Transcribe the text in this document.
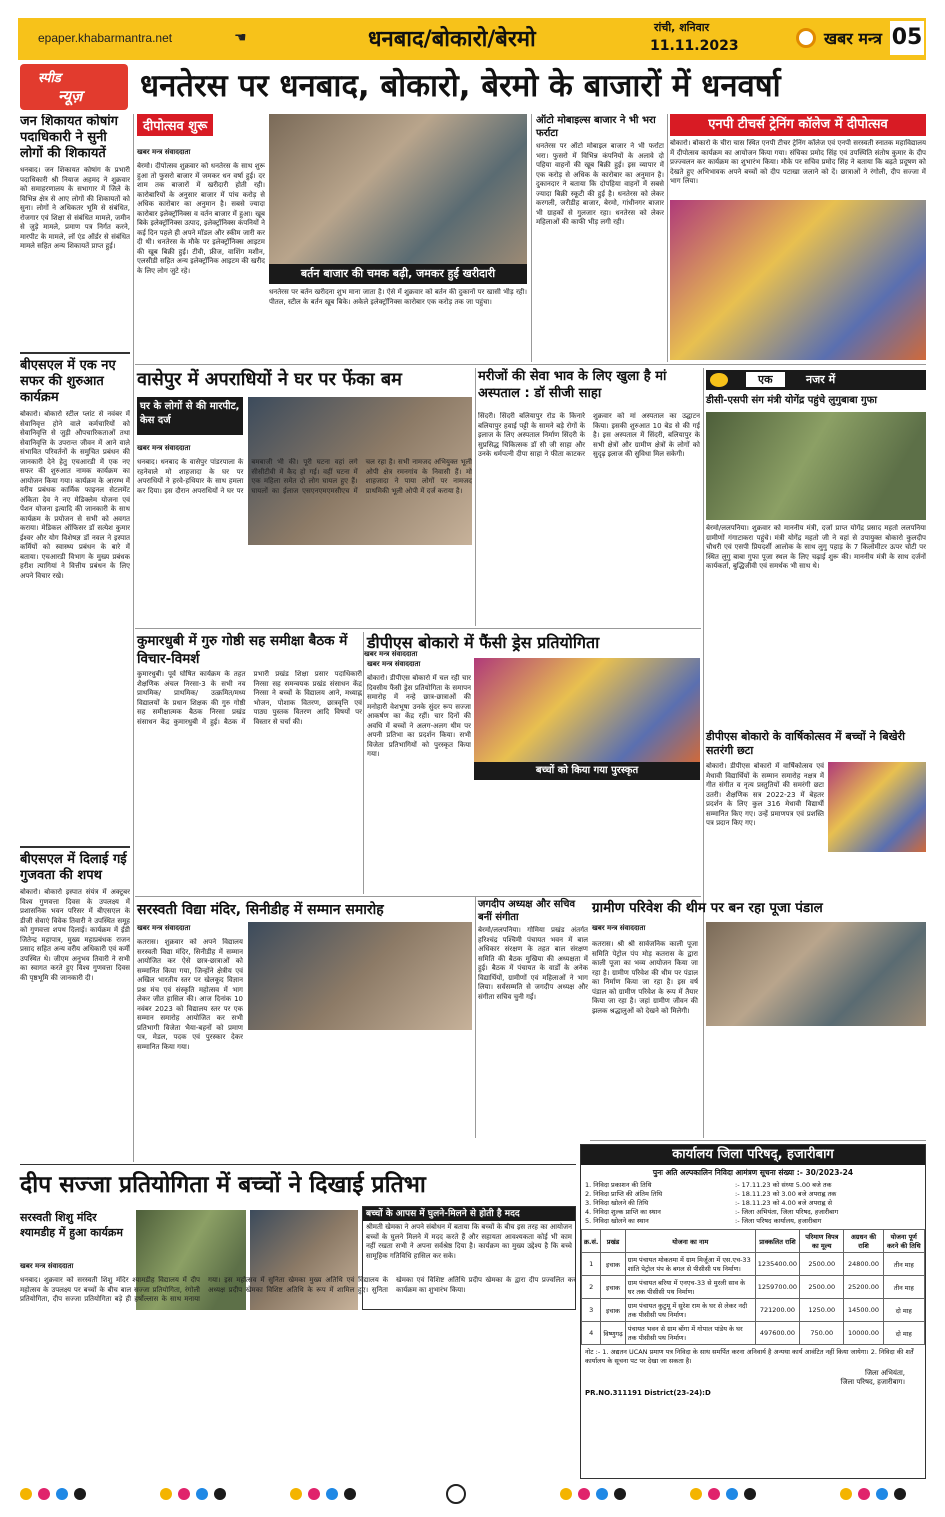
epaper.khabarmantra.net	☚	धनबाद/बोकारो/बेरमो	रांची, शनिवार
11.11.2023	खबर मन्त्र 05
स्पीड
न्यूज़ धनतेरस पर धनबाद, बोकारो, बेरमो के बाजारों में धनवर्षा
जन शिकायत कोषांग पदाधिकारी ने सुनी लोगों की शिकायतें
धनबाद। जन शिकायत कोषांग के प्रभारी पदाधिकारी श्री नियाज अहमद ने शुक्रवार को समाहरणालय के सभागार में जिले के विभिन्न क्षेत्र से आए लोगों की शिकायतों को सुना। लोगों ने अधिकतर भूमि से संबंधित, रोजगार एवं शिक्षा से संबंधित मामले, जमीन से जुड़े मामले, प्रमाण पत्र निर्गत करने, मारपीट के मामले, लॉ एंड ऑर्डर से संबंधित मामले सहित अन्य शिकायतें प्राप्त हुई।
बीएसएल में एक नए सफर की शुरुआत कार्यक्रम
बोकारो। बोकारो स्टील प्लांट से नवंबर में सेवानिवृत्त होने वाले कर्मचारियों को सेवानिवृत्ति से जुड़ी औपचारिकताओं तथा सेवानिवृत्ति के उपरान्त जीवन में आने वाले संभावित परिवर्तनों के समुचित प्रबंधन की जानकारी देने हेतु एचआरडी में एक नए सफर की शुरुआत नामक कार्यक्रम का आयोजन किया गया। कार्यक्रम के आरम्भ में वरीय प्रबंधक कार्मिक फाइनल सेटलमेंट अंकिता देव ने नए मेडिक्लेम योजना एवं पेंशन योजना इत्यादि की जानकारी के साथ कार्यक्रम के प्रयोजन से सभी को अवगत कराया। मेडिकल ऑफिसर डॉ सत्येश कुमार ईश्वर और योग विशेषज्ञ डॉ नवल ने इस्पात कर्मियों को स्वास्थ्य प्रबंधन के बारे में बताया। एचआरडी विभाग के मुख्य प्रबंधक हरीश त्यागियां ने वित्तीय प्रबंधन के लिए अपने विचार रखे।
बीएसएल में दिलाई गई गुजवता की शपथ
बोकारो। बोकारो इस्पात संयंत्र में अक्टूबर विश्व गुणवत्ता दिवस के उपलक्ष्य में प्रशासनिक भवन परिसर में बीएसएल के डीजी सेवाएं विवेक तिवारी ने उपस्थित समूह को गुणवत्ता शपथ दिलाई। कार्यक्रम में ईडी जितेन्द्र महापात्र, मुख्य महाप्रबंधक राजन प्रसाद सहित अन्य वरीय अधिकारी एवं कर्मी उपस्थित थे। जीएम अनुभव तिवारी ने सभी का स्वागत करते हुए विश्व गुणवत्ता दिवस की पृष्ठभूमि की जानकारी दी।
दीपोत्सव शुरू
खबर मन्त्र संवाददाता
बेरमो। दीपोत्सव शुक्रवार को धनतेरस के साथ शुरू हुआ तो फुसरो बाजार में जमकर धन वर्षा हुई। दर शाम तक बाजारों में खरीदारी होती रही। कारोबारियों के अनुसार बाजार में पांच करोड़ से अधिक कारोबार का अनुमान है। सबसे ज्यादा कारोबार इलेक्ट्रॉनिक्स व वर्तन बाजार में हुआ। खूब बिके इलेक्ट्रॉनिक्स उत्पाद, इलेक्ट्रॉनिक्स कंपनियों ने कई दिन पहले ही अपने मॉडल और स्कीम जारी कर दी थी। धनतेरस के मौके पर इलेक्ट्रॉनिक्स आइटम की खूब बिक्री हुई। टीवी, फ्रीज, वाशिंग मशीन, एलसीडी सहित अन्य इलेक्ट्रॉनिक आइटम की खरीद के लिए लोग जुटे रहे।	बर्तन बाजार की चमक बढ़ी, जमकर हुई खरीदारी
धनतेरस पर बर्तन खरीदना शुभ माना जाता है। ऐसे में शुक्रवार को बर्तन की दुकानों पर खासी भीड़ रही। पीतल, स्टील के बर्तन खूब बिके। अकेले इलेक्ट्रॉनिक्स कारोबार एक करोड़ तक जा पहुंचा।
ऑटो मोबाइल्स बाजार ने भी भरा फर्राटा
धनतेरस पर ऑटो मोबाइल बाजार ने भी फर्राटा भरा। फुसरो में विभिन्न कंपनियों के अलावे दो पहिया वाहनों की खूब बिक्री हुई। इस व्यापार में एक करोड़ से अधिक के कारोबार का अनुमान है। दुकानदार ने बताया कि दोपहिया वाहनों में सबसे ज्यादा बिक्री स्कूटी की हुई है। धनतेरस को लेकर करगली, जरीडीह बाजार, बेरमो, गांधीनगर बाजार भी ग्राहकों से गुलजार रहा। धनतेरस को लेकर महिलाओं की काफी भीड़ लगी रही।
एनपी टीचर्स ट्रेनिंग कॉलेज में दीपोत्सव
बोकारो। बोकारो के चीरा चास स्थित एनपी टीचर ट्रेनिंग कॉलेज एवं एनपी सरस्वती स्नातक महाविद्यालय में दीपोत्सव कार्यक्रम का आयोजन किया गया। संचिका प्रमोद सिंह एवं उपस्थिति संतोष कुमार के दीप प्रज्ज्वलन कर कार्यक्रम का शुभारंभ किया। मौके पर सचिव प्रमोद सिंह ने बताया कि बढ़ते प्रदूषण को देखते हुए अभिभावक अपने बच्चों को दीप पटाखा जलाने को दें। छात्राओं ने रंगोली, दीप सज्जा में भाग लिया।
वासेपुर में अपराधियों ने घर पर फेंका बम
घर के लोगों से की मारपीट, केस दर्ज
खबर मन्त्र संवाददाता
धनबाद। धनबाद के वासेपुर पांडरपाला के रहनेवाले मो शाहजादा के घर पर अपराधियों ने हरवे-हथियार के साथ हमला कर दिया। इस दौरान अपराधियों ने घर पर बमबाजी भी की। पूरी घटना वहां लगे सीसीटीवी में कैद हो गई। वहीं घटना में एक महिला समेत दो लोग घायल हुए हैं। घायलों का ईलाज एसएनएमएमसीएच में चल रहा है। सभी नामजद अभियुक्त भूली ओपी क्षेत्र रमनगांव के निवासी हैं। मो शाहजादा ने पाया लोगों पर नामजद प्राथमिकी भूली ओपी में दर्ज कराया है।
मरीजों की सेवा भाव के लिए खुला है मां अस्पताल : डॉ सीजी साहा
सिंदरी। सिंदरी बलियापुर रोड के किनारे बलियापुर हवाई पट्टी के सामने बड़े रोगों के इलाज के लिए अस्पताल निर्माण सिंदरी के सुप्रसिद्ध चिकित्सक डॉ सी जी साहा और उनके धर्मपत्नी दीपा साहा ने फीता काटकर शुक्रवार को मां अस्पताल का उद्घाटन किया। इसकी शुरुआत 10 बेड से की गई है। इस अस्पताल में सिंदरी, बलियापुर के सभी क्षेत्रों और ग्रामीण क्षेत्रों के लोगों को सुदृढ़ इलाज की सुविधा मिल सकेगी।
एक	नजर में
डीसी-एसपी संग मंत्री योगेंद्र पहुंचे लुगुबाबा गुफा
बेरमो/ललपनिया। शुक्रवार को माननीय मंत्री, दर्जा प्राप्त योगेंद्र प्रसाद महतो ललपनिया ग्रामीणों गंगाटाकरा पहुंचे। मंत्री योगेंद्र महतो जी ने वहां से उपायुक्त बोकारो कुलदीप चौधरी एवं एसपी प्रियदर्शी आलोक के साथ लुगु पहाड़ के 7 किलोमीटर ऊपर चोटी पर स्थित लुगु बाबा गुफा पूजा स्थल के लिए चढ़ाई शुरू की। माननीय मंत्री के साथ दर्जनों कार्यकर्ता, बुद्धिजीवी एवं समर्थक भी साथ थे।
डीपीएस बोकारो के वार्षिकोत्सव में बच्चों ने बिखेरी सतरंगी छटा
बोकारो। डीपीएस बोकारो में वार्षिकोत्सव एवं मेधावी विद्यार्थियों के सम्मान समारोह नक्षत्र में गीत संगीत व नृत्य प्रस्तुतियों की समरंगी छटा उतरी। शैक्षणिक सत्र 2022-23 में बेहतर प्रदर्शन के लिए कुल 316 मेधावी विद्यार्थी सम्मानित किए गए। उन्हें प्रमाणपत्र एवं प्रशस्ति पत्र प्रदान किए गए।
कुमारधुबी में गुरु गोष्ठी सह समीक्षा बैठक में विचार-विमर्श	खबर मन्त्र संवाददाता
कुमारधुबी। पूर्व घोषित कार्यक्रम के तहत शैक्षणिक अंचल निरसा-3 के सभी नव प्राथमिक/ प्राथमिक/ उत्क्रमित/मध्य विद्यालयों के प्रधान शिक्षक की गुरु गोष्ठी सह समीक्षात्मक बैठक निरसा प्रखंड संसाधन केंद्र कुमारधुबी में हुई। बैठक में प्रभारी प्रखंड शिक्षा प्रसार पदाधिकारी निरसा सह समन्वयक प्रखंड संसाधन केंद्र निरसा ने बच्चों के विद्यालय आने, मध्याह्न भोजन, पोशाक वितरण, छात्रवृत्ति एवं पाठ्य पुस्तक वितरण आदि विषयों पर विस्तार से चर्चा की।
डीपीएस बोकारो में फैंसी ड्रेस प्रतियोगिता
खबर मन्त्र संवाददाता
बच्चों को किया गया पुरस्कृत
बोकारो। डीपीएस बोकारो में चल रही चार दिवसीय फैंसी ड्रेस प्रतियोगिता के समापन समारोह में नन्हे छात्र-छात्राओं की मनोहारी वेशभूषा उनके सुंदर रूप सज्जा आकर्षण का केंद्र रहीं। चार दिनों की अवधि में बच्चों ने अलग-अलग थीम पर अपनी प्रतिभा का प्रदर्शन किया। सभी विजेता प्रतिभागियों को पुरस्कृत किया गया।
सरस्वती विद्या मंदिर, सिनीडीह में सम्मान समारोह
खबर मन्त्र संवाददाता
कतरास। शुक्रवार को अपने विद्यालय सरस्वती विद्या मंदिर, सिनीडीह में सम्मान आयोजित कर ऐसे छात्र-छात्राओं को सम्मानित किया गया, जिन्होंने क्षेत्रीय एवं अखिल भारतीय स्तर पर खेलकूद विज्ञान प्रश्न मंच एवं संस्कृति महोत्सव में भाग लेकर जीत हासिल की। आज दिनांक 10 नवंबर 2023 को विद्यालय स्तर पर एक सम्मान समारोह आयोजित कर सभी प्रतिभागी विजेता भैया-बहनों को प्रमाण पत्र, मेडल, पदक एवं पुरस्कार देकर सम्मानित किया गया।
जगदीप अध्यक्ष और सचिव बनीं संगीता
बेरमो/ललपनिया। गोमिया प्रखंड अंतर्गत हरिश्चंद्र पश्चिमी पंचायत भवन में बाल अधिकार संरक्षण के तहत बाल संरक्षण समिति की बैठक मुखिया की अध्यक्षता में हुई। बैठक में पंचायत के वार्डों के अनेक विद्यार्थियों, ग्रामीणों एवं महिलाओं ने भाग लिया। सर्वसम्मति से जगदीप अध्यक्ष और संगीता सचिव चुनी गईं।
ग्रामीण परिवेश की थीम पर बन रहा पूजा पंडाल
खबर मन्त्र संवाददाता
कतरास। श्री श्री सार्वजनिक काली पूजा समिति पेट्रोल पंप मोड़ कतरास के द्वारा काली पूजा का भव्य आयोजन किया जा रहा है। ग्रामीण परिवेश की थीम पर पंडाल का निर्माण किया जा रहा है। इस वर्ष पंडाल को ग्रामीण परिवेश के रूप में तैयार किया जा रहा है। जहां ग्रामीण जीवन की झलक श्रद्धालुओं को देखने को मिलेगी।
कार्यालय जिला परिषद्, हजारीबाग
पुनः अति अल्पकालिन निविदा आमंत्रण सूचना संख्या :- 30/2023-24
1. निविदा प्रकाशन की तिथि	:- 17.11.23 को संध्या 5.00 बजे तक
2. निविदा प्राप्ति की अंतिम तिथि	:- 18.11.23 को 3.00 बजे अपराह्न तक
3. निविदा खोलने की तिथि	:- 18.11.23 को 4.00 बजे अपराह्न से
4. निविदा शुल्क प्राप्ति का स्थान	:- जिला अभियंता, जिला परिषद, हजारीबाग
5. निविदा खोलने का स्थान	:- जिला परिषद कार्यालय, हजारीबाग
क्र.सं.	प्रखंड	योजना का नाम	प्राक्कलित राशि	परिमाण विपत्र का मूल्य	अग्रधन की राशि	योजना पूर्ण करने की तिथि
1	इचाक	ग्राम पंचायत मोकतमा में ग्राम मिर्जूआ में एस.एच-33 शांति पेट्रोल पंप के बगल से पीसीसी पथ निर्माण।	1235400.00	2500.00	24800.00	तीन माह
2	इचाक	ग्राम पंचायत बरिया में एनएच-33 से मुरली साव के घर तक पीसीसी पथ निर्माण।	1259700.00	2500.00	25200.00	तीन माह
3	इचाक	ग्राम पंचायत कुटुमू में सुरेश राम के घर से लेकर नदी तक पीसीसी पथ निर्माण।	721200.00	1250.00	14500.00	दो माह
4	विष्णुगढ़	पंचायत भवन से ग्राम बोंगा में गोपाल पांडेय के घर तक पीसीसी पथ निर्माण।	497600.00	750.00	10000.00	दो माह
नोट :- 1. अद्यतन UCAN प्रमाण पत्र निविदा के साथ समर्पित करना अनिवार्य है अन्यथा कार्य आवंटित नहीं किया जायेगा। 2. निविदा की शर्तें कार्यालय के सूचना पट पर देखा जा सकता है।
जिला अभियंता,
जिला परिषद, हजारीबाग।
PR.NO.311191 District(23-24):D
दीप सज्जा प्रतियोगिता में बच्चों ने दिखाई प्रतिभा
सरस्वती शिशु मंदिर श्यामडीह में हुआ कार्यक्रम
खबर मन्त्र संवाददाता
बच्चों के आपस में घुलने-मिलने से होती है मदद
श्रीमती खेमका ने अपने संबोधन में बताया कि बच्चों के बीच इस तरह का आयोजन बच्चों के घुलने मिलने में मदद करते हैं और सहायता आवश्यकता कोई भी काम नहीं रखता सभी ने अपना सर्वश्रेष्ठ दिया है। कार्यक्रम का मुख्य उद्देश्य है कि बच्चे सामूहिक गतिविधि हासिल कर सके।
धनबाद। शुक्रवार को सरस्वती शिशु मंदिर श्यामडीह विद्यालय में दीप महोत्सव के उपलक्ष्य पर बच्चों के बीच बाल सज्जा प्रतियोगिता, रंगोली प्रतियोगिता, दीप सज्जा प्रतियोगिता बड़े ही हर्षोल्लास के साथ मनाया गया। इस महोत्सव में सुनिता खेमका मुख्य अतिथि एवं विद्यालय के अध्यक्ष प्रदीप खेमका विशिष्ट अतिथि के रूप में शामिल हुए। सुनिता खेमका एवं विशिष्ट अतिथि प्रदीप खेमका के द्वारा दीप प्रज्वलित कर कार्यक्रम का शुभारंभ किया।
